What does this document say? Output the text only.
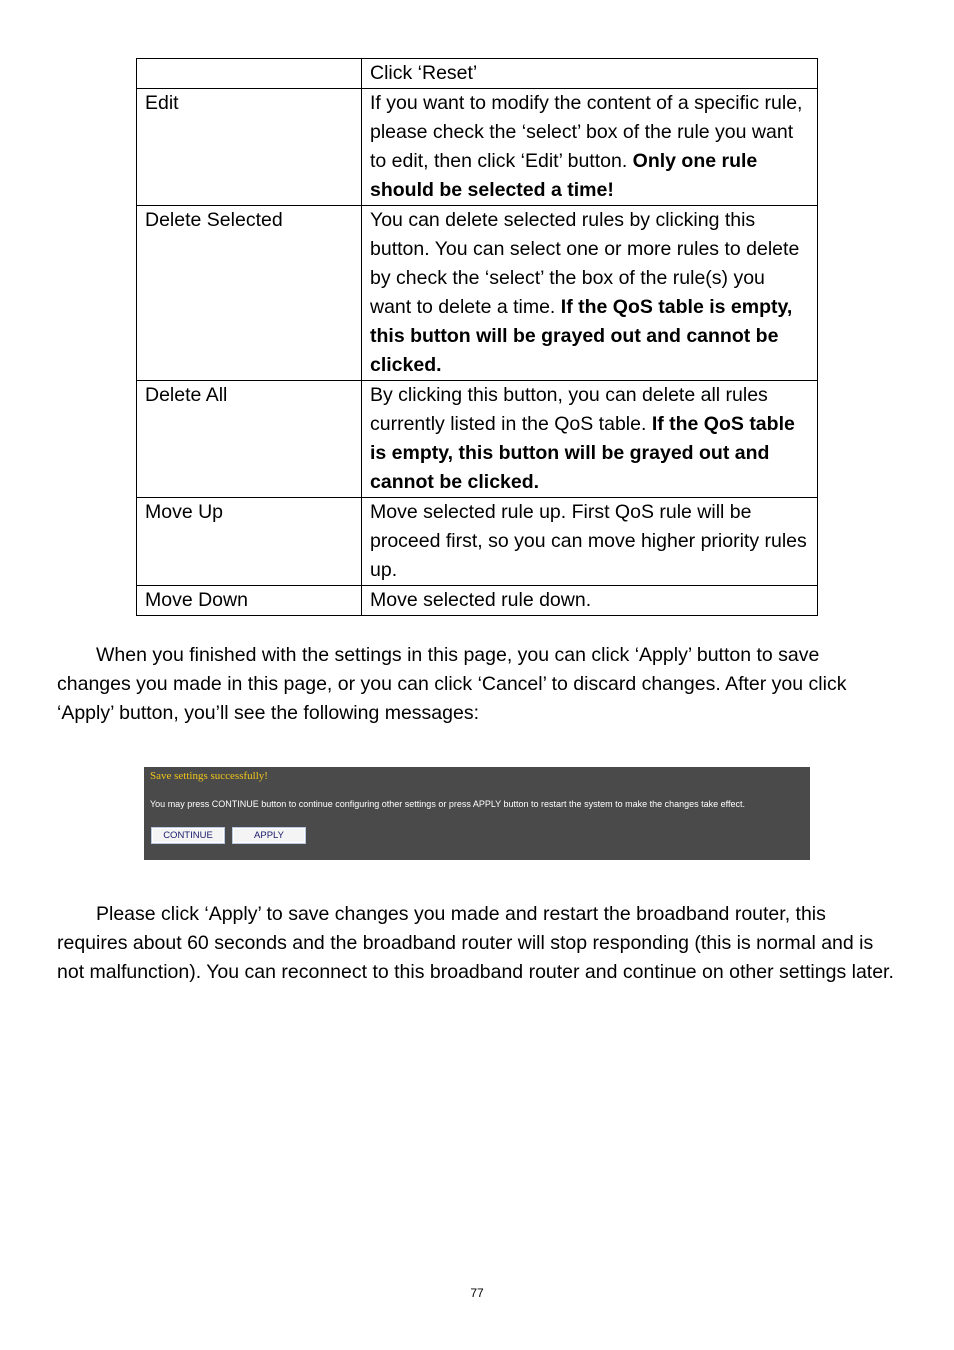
	Click ‘Reset’
Edit	If you want to modify the content of a specific rule, please check the ‘select’ box of the rule you want to edit, then click ‘Edit’ button. Only one rule should be selected a time!
Delete Selected	You can delete selected rules by clicking this button. You can select one or more rules to delete by check the ‘select’ the box of the rule(s) you want to delete a time. If the QoS table is empty, this button will be grayed out and cannot be clicked.
Delete All	By clicking this button, you can delete all rules currently listed in the QoS table. If the QoS table is empty, this button will be grayed out and cannot be clicked.
Move Up	Move selected rule up. First QoS rule will be proceed first, so you can move higher priority rules up.
Move Down	Move selected rule down.
When you finished with the settings in this page, you can click ‘Apply’ button to save changes you made in this page, or you can click ‘Cancel’ to discard changes. After you click ‘Apply’ button, you’ll see the following messages:
Save settings successfully!
You may press CONTINUE button to continue configuring other settings or press APPLY button to restart the system to make the changes take effect.
CONTINUE	APPLY
Please click ‘Apply’ to save changes you made and restart the broadband router, this requires about 60 seconds and the broadband router will stop responding (this is normal and is not malfunction). You can reconnect to this broadband router and continue on other settings later.
77
